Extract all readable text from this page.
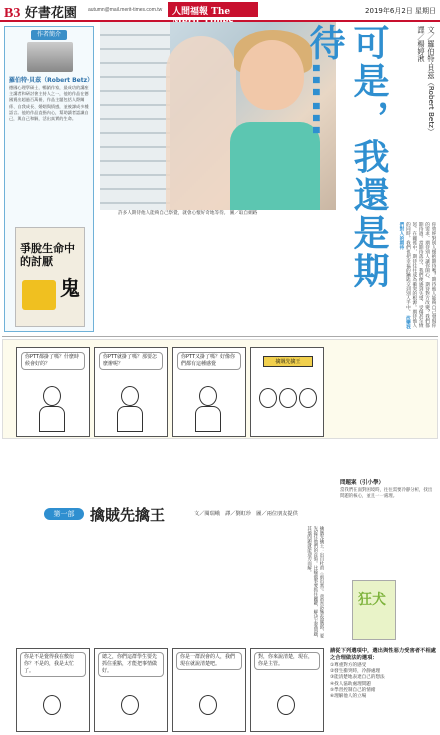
B3 好書花園 autumn@mail.merit-times.com.tw	人間福報 The	2019年6月2日 星期日
作者簡介
羅伯特‧貝茲（Robert Betz）
德國心理學碩士，暢銷作家，最成功的講座主講者和研討會主持人之一，他的作品在德國賣出超過百萬冊，作品主題包括人際關係、自我成長、婚姻與情感，並被譯成多種語言。他的作品直指內心，幫助讀者認識自己，與自己和解，活出真實的生命。
爭脫生命中的討厭
鬼
許多人期待他人能夠自己察覺，就會心懷好奇地等待。 圖／取自網路	可是，我還是期待……	文／羅伯特‧貝茲（Robert Betz）
譯／楊婷湫
你曾經對別人懷抱期待嗎？期待他人能夠自己發現你的需求、期待別人讓你開心、期待對方改變？我們都期待過。當期待落空，我們便感到失望、受傷甚至憤怒。在關係中，期待往往成為衝突的根源。期待他人的同時，我們也把幸福的鑰匙交到別人手中。 改變我們對人的期待
你PTT都掛了嗎？什麼時候會好的？
你PTT就掛了嗎？那要怎麼辦呢？
你PTT又掛了嗎？好像你們都有這種感覺	擒賊先擒王
第一部	擒賊先擒王	文／閱瑞峨　譯／劉虹珍　圖／兩位朋友提供
擒賊先擒王：出自杜甫〈前出塞〉。意思是捉拿盜賊時，要先捉住他們的首領。比喻做事要抓住關鍵，解決主要問題，其他問題就能迎刃而解。
你是不是覺得我在敷衍你？不是的，我是太忙了。
總之，你們這群學生要先抓住重點，才能把事情做好。
你是一群誤會的人，我們現在就說清楚吧。
對，你來說清楚，現在，你是主管。
問題案（引小學）
當我們在面對困境時，往往需要冷靜分析，找出問題的核心，並且一一處理。
狂犬
請從下列選項中，選出與性惡力受害者不相處之合理做法的選項：
①尊重對方的感受
②發生衝突時，冷靜處理
③能清楚地表達自己的想法
④找人協助處理問題
⑤學習控制自己的情緒
⑥理解他人的立場
